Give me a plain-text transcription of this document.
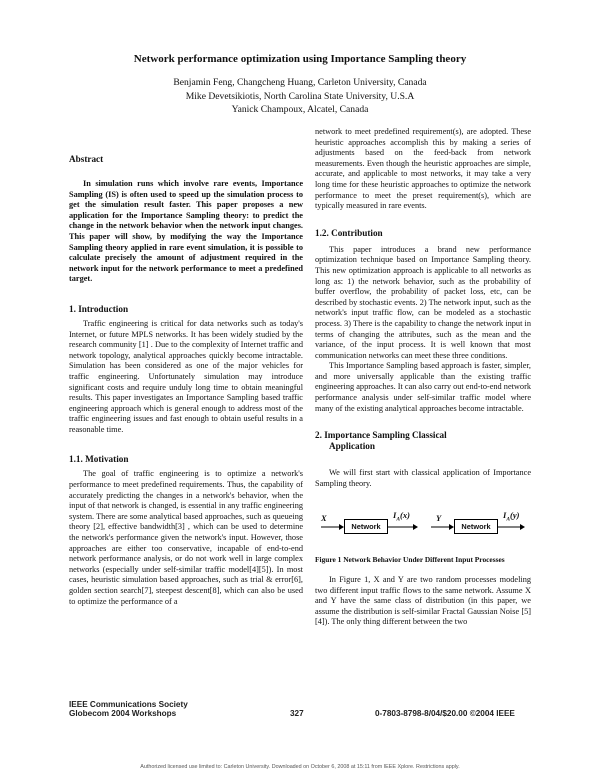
Network performance optimization using Importance Sampling theory
Benjamin Feng, Changcheng Huang, Carleton University, Canada
Mike Devetsikiotis, North Carolina State University, U.S.A
Yanick Champoux, Alcatel, Canada

Abstract

In simulation runs which involve rare events, Importance Sampling (IS) is often used to speed up the simulation process to get the simulation result faster. This paper proposes a new application for the Importance Sampling theory: to predict the change in the network behavior when the network input changes. This paper will show, by modifying the way the Importance Sampling theory applied in rare event simulation, it is possible to calculate precisely the amount of adjustment required in the network input for the network performance to meet a predefined target.

1. Introduction

Traffic engineering is critical for data networks such as today's Internet, or future MPLS networks. It has been widely studied by the research community [1] . Due to the complexity of Internet traffic and network topology, analytical approaches quickly become intractable. Simulation has been considered as one of the major vehicles for traffic engineering. Unfortunately simulation may introduce significant costs and require unduly long time to obtain meaningful results. This paper investigates an Importance Sampling based traffic engineering approach which is general enough to address most of the traffic engineering issues and fast enough to obtain useful results in a reasonable time.

1.1. Motivation

The goal of traffic engineering is to optimize a network's performance to meet predefined requirements. Thus, the capability of accurately predicting the changes in a network's behavior, when the input of that network is changed, is essential in any traffic engineering system. There are some analytical based approaches, such as queueing theory [2], effective bandwidth[3] , which can be used to determine the network's performance given the network's input. However, those approaches are either too conservative, incapable of end-to-end network performance analysis, or do not work well in large complex networks (especially under self-similar traffic model[4][5]). In most cases, heuristic simulation based approaches, such as trial & error[6], golden section search[7], steepest descent[8], which can also be used to optimize the performance of a

network to meet predefined requirement(s), are adopted. These heuristic approaches accomplish this by making a series of adjustments based on the feed-back from network measurements. Even though the heuristic approaches are simple, accurate, and applicable to most networks, it may take a very long time for these heuristic approaches to optimize the network performance to meet the preset requirement(s), which are typically measured in rare events.

1.2. Contribution

This paper introduces a brand new performance optimization technique based on Importance Sampling theory. This new optimization approach is applicable to all networks as long as: 1) the network behavior, such as the probability of buffer overflow, the probability of packet loss, etc, can be described by stochastic events. 2) The network input, such as the network's input traffic flow, can be modeled as a stochastic process. 3) There is the capability to change the network input in terms of changing the attributes, such as the mean and the variance, of the input process. It is well known that most communication networks can meet these three conditions.

This Importance Sampling based approach is faster, simpler, and more universally applicable than the existing traffic engineering approaches. It can also carry out end-to-end network performance analysis under self-similar traffic model where many of the existing analytical approaches become intractable.

2. Importance Sampling Classical
Application

We will first start with classical application of Importance Sampling theory.

X
Network
$I_A(x)$	Y
Network
$I_A(y)$

Figure 1 Network Behavior Under Different Input Processes

In Figure 1, X and Y are two random processes modeling two different input traffic flows to the same network. Assume X and Y have the same class of distribution (in this paper, we assume the distribution is self-similar Fractal Gaussian Noise [5][4]). The only thing different between the two

IEEE Communications Society
Globecom 2004 Workshops	327	0-7803-8798-8/04/$20.00 ©2004 IEEE
Authorized licensed use limited to: Carleton University. Downloaded on October 6, 2008 at 15:11 from IEEE Xplore. Restrictions apply.
